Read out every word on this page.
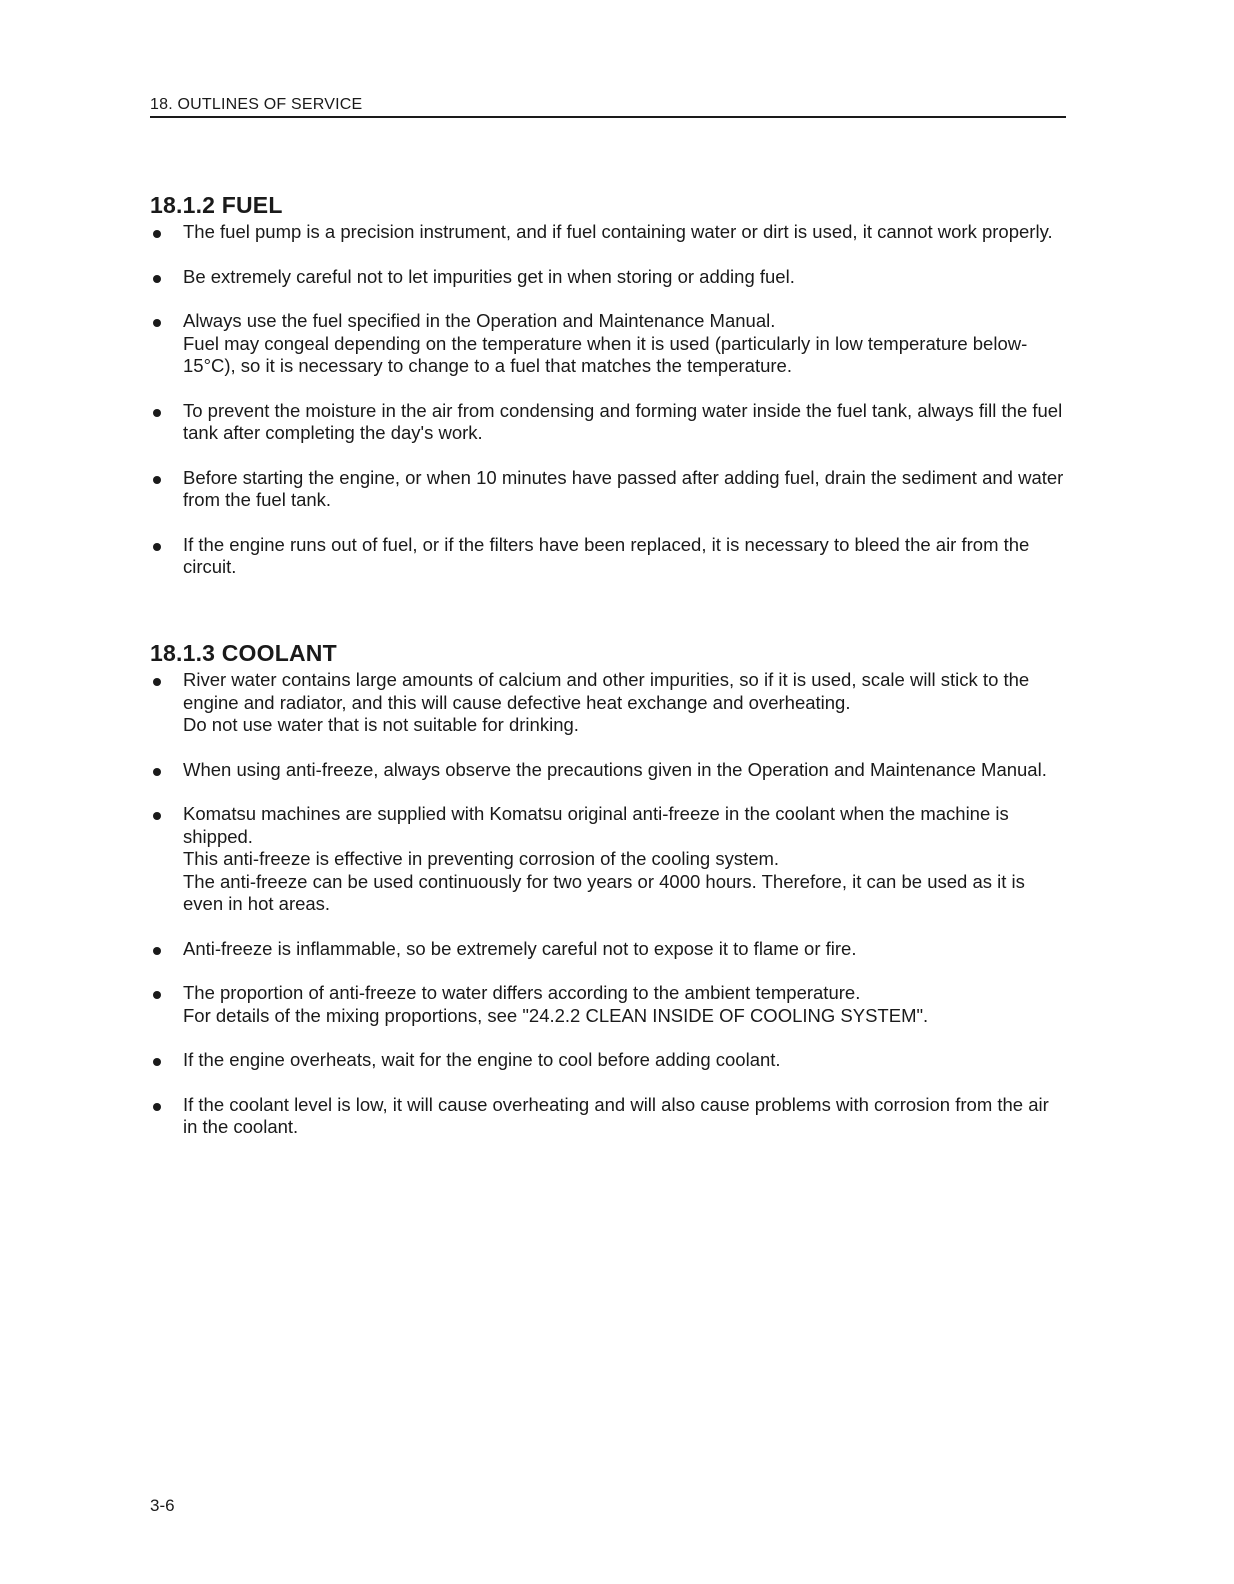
18. OUTLINES OF SERVICE
18.1.2 FUEL

The fuel pump is a precision instrument, and if fuel containing water or dirt is used, it cannot work properly.

Be extremely careful not to let impurities get in when storing or adding fuel.

Always use the fuel specified in the Operation and Maintenance Manual.

Fuel may congeal depending on the temperature when it is used (particularly in low temperature below-15°C), so it is necessary to change to a fuel that matches the temperature.

To prevent the moisture in the air from condensing and forming water inside the fuel tank, always fill the fuel tank after completing the day's work.

Before starting the engine, or when 10 minutes have passed after adding fuel, drain the sediment and water from the fuel tank.

If the engine runs out of fuel, or if the filters have been replaced, it is necessary to bleed the air from the circuit.

18.1.3 COOLANT

River water contains large amounts of calcium and other impurities, so if it is used, scale will stick to the engine and radiator, and this will cause defective heat exchange and overheating.

Do not use water that is not suitable for drinking.

When using anti-freeze, always observe the precautions given in the Operation and Maintenance Manual.

Komatsu machines are supplied with Komatsu original anti-freeze in the coolant when the machine is shipped.

This anti-freeze is effective in preventing corrosion of the cooling system.

The anti-freeze can be used continuously for two years or 4000 hours. Therefore, it can be used as it is even in hot areas.

Anti-freeze is inflammable, so be extremely careful not to expose it to flame or fire.

The proportion of anti-freeze to water differs according to the ambient temperature.

For details of the mixing proportions, see "24.2.2 CLEAN INSIDE OF COOLING SYSTEM".

If the engine overheats, wait for the engine to cool before adding coolant.

If the coolant level is low, it will cause overheating and will also cause problems with corrosion from the air in the coolant.

3-6
